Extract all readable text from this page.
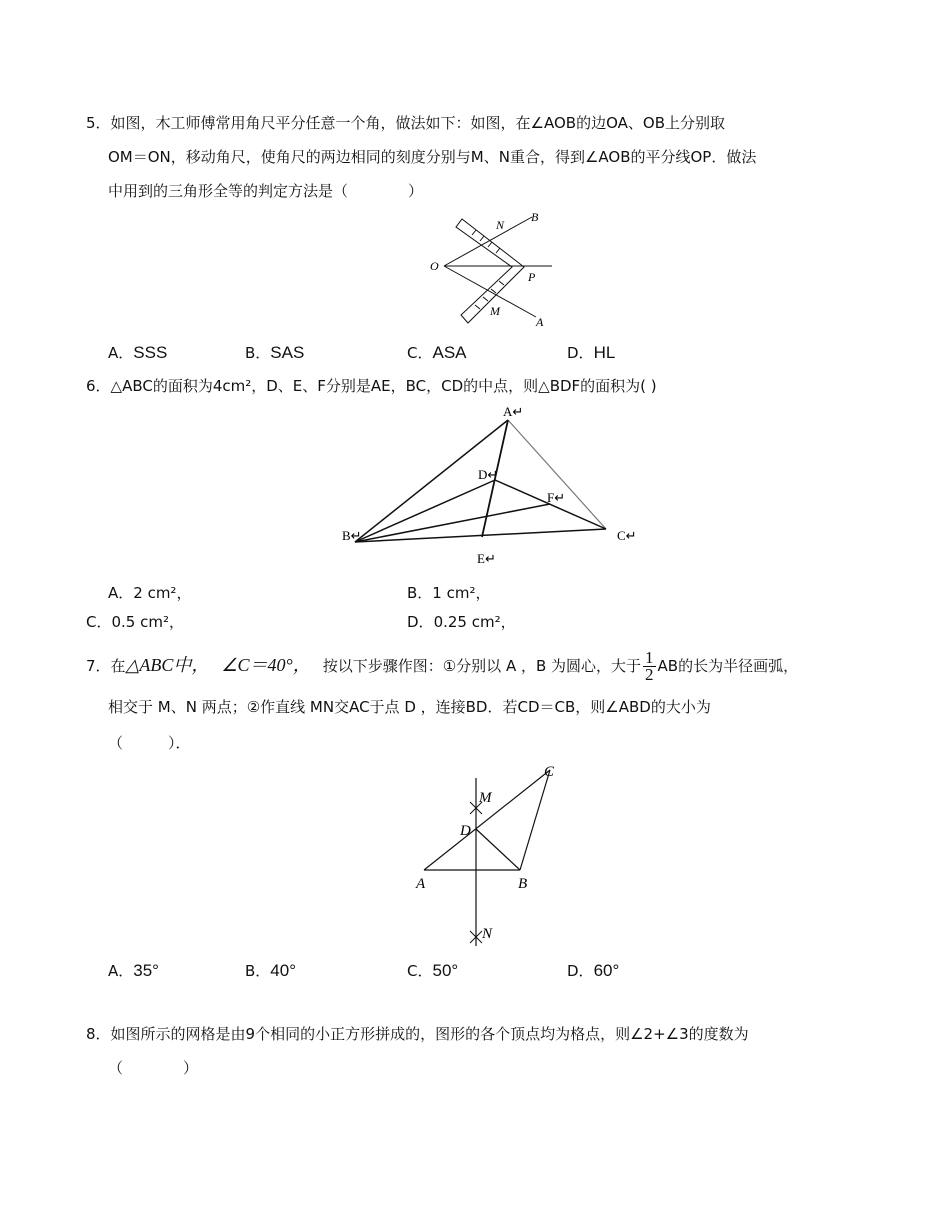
5．如图，木工师傅常用角尺平分任意一个角，做法如下：如图，在∠AOB的边OA、OB上分别取
OM＝ON，移动角尺，使角尺的两边相同的刻度分别与M、N重合，得到∠AOB的平分线OP．做法
中用到的三角形全等的判定方法是（　　　　）
O
N
B
P
M
A
A．SSS	B．SAS	C．ASA	D．HL
6．△ABC的面积为4cm²，D、E、F分别是AE，BC，CD的中点，则△BDF的面积为( )
A↵
D↵
F↵
B↵	C↵
E↵
A．2 cm²，	B．1 cm²，
C．0.5 cm²，	D．0.25 cm²，
7．在△ABC中， ∠C＝40°， 按以下步骤作图：①分别以 A ，B 为圆心，大于 $\frac{1}{2}$ AB的长为半径画弧，
相交于 M、N 两点；②作直线 MN交AC于点 D ，连接BD．若CD＝CB，则∠ABD的大小为
（　　　）．
C
M
D
A	B
N
A．35°	B．40°	C．50°	D．60°
8．如图所示的网格是由9个相同的小正方形拼成的，图形的各个顶点均为格点，则∠2+∠3的度数为
（　　　　）
